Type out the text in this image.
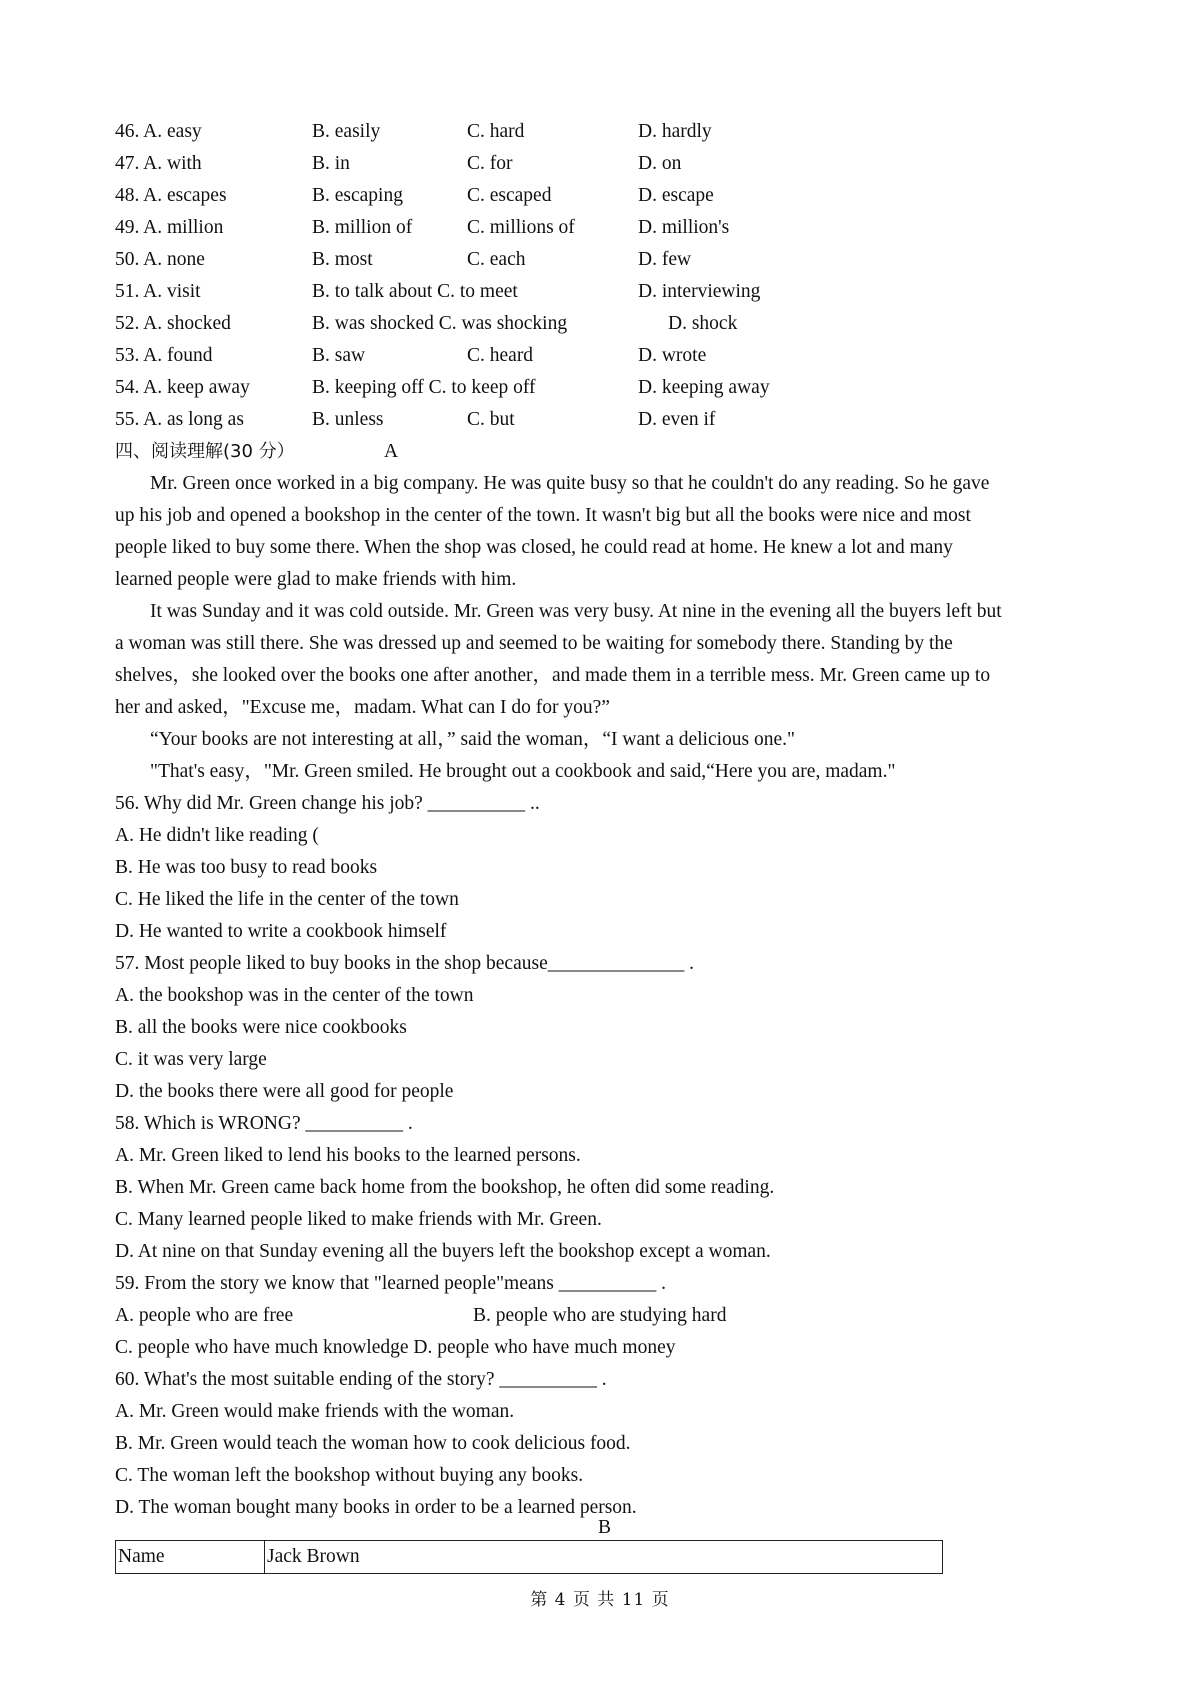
46. A. easy	B. easily	C. hard	D. hardly
47. A. with	B. in	C. for	D. on
48. A. escapes	B. escaping	C. escaped	D. escape
49. A. million	B. million of	C. millions of	D. million's
50. A. none	B. most	C. each	D. few
51. A. visit	B. to talk about C. to meet	D. interviewing
52. A. shocked	B. was shocked C. was shocking	D. shock
53. A. found	B. saw	C. heard	D. wrote
54. A. keep away	B. keeping off C. to keep off	D. keeping away
55. A. as long as	B. unless	C. but	D. even if
四、阅读理解(30 分）	A
Mr. Green once worked in a big company. He was quite busy so that he couldn't do any reading. So he gave
up his job and opened a bookshop in the center of the town. It wasn't big but all the books were nice and most
people liked to buy some there. When the shop was closed, he could read at home. He knew a lot and many
learned people were glad to make friends with him.
It was Sunday and it was cold outside. Mr. Green was very busy. At nine in the evening all the buyers left but
a woman was still there. She was dressed up and seemed to be waiting for somebody there. Standing by the
shelves，she looked over the books one after another，and made them in a terrible mess. Mr. Green came up to
her and asked，"Excuse me，madam. What can I do for you?”
“Your books are not interesting at all，” said the woman，“I want a delicious one."
"That's easy，"Mr. Green smiled. He brought out a cookbook and said,“Here you are, madam."
56. Why did Mr. Green change his job? __________ ..
A. He didn't like reading (
B. He was too busy to read books
C. He liked the life in the center of the town
D. He wanted to write a cookbook himself
57. Most people liked to buy books in the shop because______________ .
A. the bookshop was in the center of the town
B. all the books were nice cookbooks
C. it was very large
D. the books there were all good for people
58. Which is WRONG? __________ .
A. Mr. Green liked to lend his books to the learned persons.
B. When Mr. Green came back home from the bookshop, he often did some reading.
C. Many learned people liked to make friends with Mr. Green.
D. At nine on that Sunday evening all the buyers left the bookshop except a woman.
59. From the story we know that "learned people"means __________ .
A. people who are free	B. people who are studying hard
C. people who have much knowledge D. people who have much money
60. What's the most suitable ending of the story? __________ .
A. Mr. Green would make friends with the woman.
B. Mr. Green would teach the woman how to cook delicious food.
C. The woman left the bookshop without buying any books.
D. The woman bought many books in order to be a learned person.
B
Name	Jack Brown
第 4 页 共 11 页
